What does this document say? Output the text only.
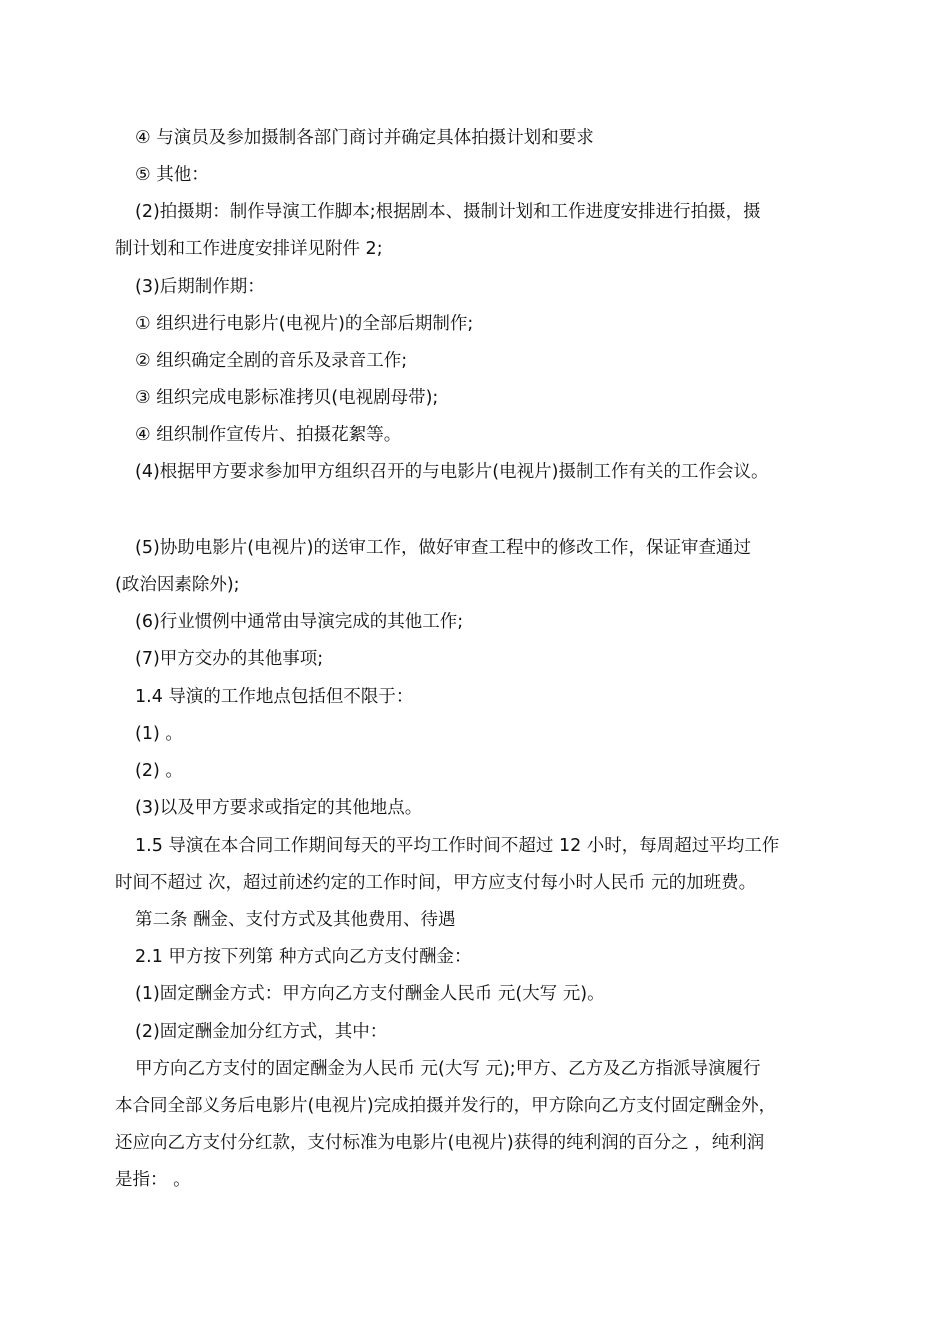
④ 与演员及参加摄制各部门商讨并确定具体拍摄计划和要求
⑤ 其他：
(2)拍摄期：制作导演工作脚本;根据剧本、摄制计划和工作进度安排进行拍摄，摄
制计划和工作进度安排详见附件 2;
(3)后期制作期：
① 组织进行电影片(电视片)的全部后期制作;
② 组织确定全剧的音乐及录音工作;
③ 组织完成电影标准拷贝(电视剧母带);
④ 组织制作宣传片、拍摄花絮等。
(4)根据甲方要求参加甲方组织召开的与电影片(电视片)摄制工作有关的工作会议。
(5)协助电影片(电视片)的送审工作，做好审查工程中的修改工作，保证审查通过
(政治因素除外);
(6)行业惯例中通常由导演完成的其他工作;
(7)甲方交办的其他事项;
1.4 导演的工作地点包括但不限于：
(1) 。
(2) 。
(3)以及甲方要求或指定的其他地点。
1.5 导演在本合同工作期间每天的平均工作时间不超过 12 小时，每周超过平均工作
时间不超过 次，超过前述约定的工作时间，甲方应支付每小时人民币 元的加班费。
第二条 酬金、支付方式及其他费用、待遇
2.1 甲方按下列第 种方式向乙方支付酬金：
(1)固定酬金方式：甲方向乙方支付酬金人民币 元(大写 元)。
(2)固定酬金加分红方式，其中：
甲方向乙方支付的固定酬金为人民币 元(大写 元);甲方、乙方及乙方指派导演履行
本合同全部义务后电影片(电视片)完成拍摄并发行的，甲方除向乙方支付固定酬金外，
还应向乙方支付分红款，支付标准为电影片(电视片)获得的纯利润的百分之 ，纯利润
是指： 。
